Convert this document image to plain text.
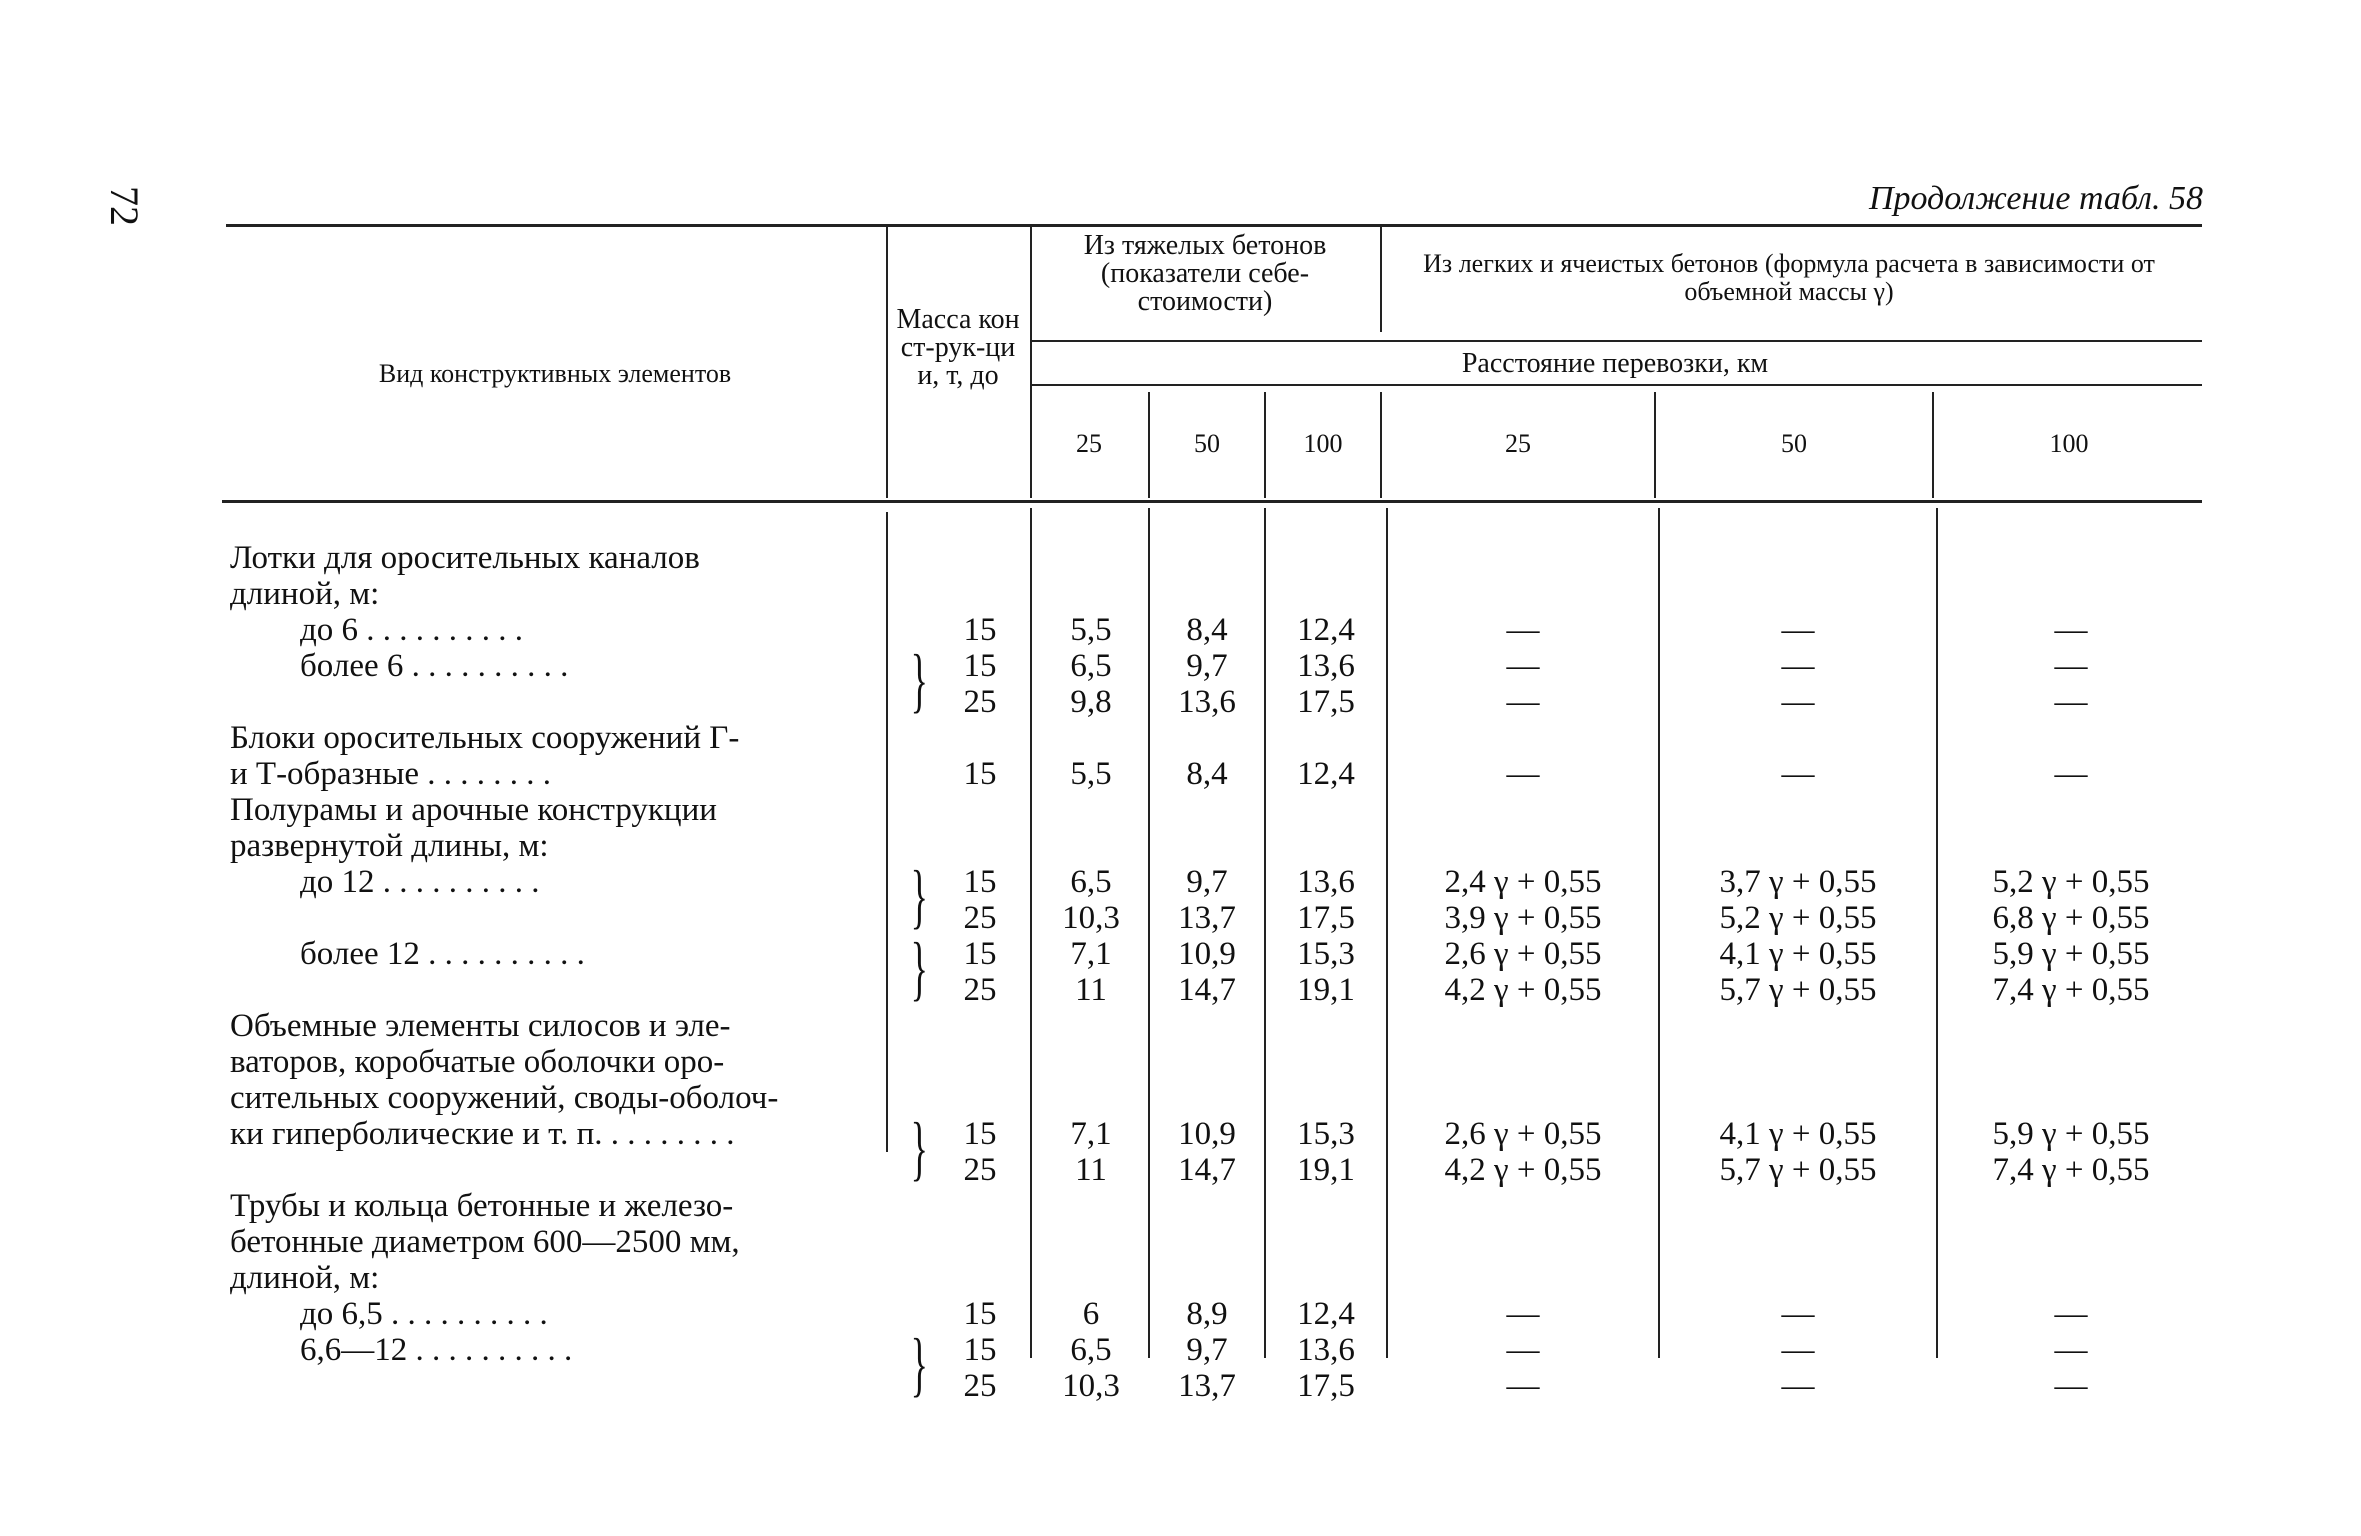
72	Продолжение табл. 58
Вид конструктивных элементов
Масса конст-рук-ции, т, до
Из тяжелых бетонов (показатели себе-стоимости)
Из легких и ячеистых бетонов (формула расчета в зависимости от объемной массы γ)
Расстояние перевозки, км
25	50	100	25	50	100
Лотки для оросительных каналов
длиной, м:
до 6 . . . . . . . . . .	15	5,5	8,4	12,4	—	—	—
более 6 . . . . . . . . . .	}	15	6,5	9,7	13,6	—	—	—
25	9,8	13,6	17,5	—	—	—
Блоки оросительных сооружений Г-
и Т-образные . . . . . . . .	15	5,5	8,4	12,4	—	—	—
Полурамы и арочные конструкции
развернутой длины, м:
до 12 . . . . . . . . . .	}	15	6,5	9,7	13,6	2,4 γ + 0,55	3,7 γ + 0,55	5,2 γ + 0,55
25	10,3	13,7	17,5	3,9 γ + 0,55	5,2 γ + 0,55	6,8 γ + 0,55
более 12 . . . . . . . . . .	}	15	7,1	10,9	15,3	2,6 γ + 0,55	4,1 γ + 0,55	5,9 γ + 0,55
25	11	14,7	19,1	4,2 γ + 0,55	5,7 γ + 0,55	7,4 γ + 0,55
Объемные элементы силосов и эле-
ваторов, коробчатые оболочки оро-
сительных сооружений, своды-оболоч-
ки гиперболические и т. п. . . . . . . . .	}	15	7,1	10,9	15,3	2,6 γ + 0,55	4,1 γ + 0,55	5,9 γ + 0,55
25	11	14,7	19,1	4,2 γ + 0,55	5,7 γ + 0,55	7,4 γ + 0,55
Трубы и кольца бетонные и железо-
бетонные диаметром 600—2500 мм,
длиной, м:
до 6,5 . . . . . . . . . .	15	6	8,9	12,4	—	—	—
6,6—12 . . . . . . . . . .	}	15	6,5	9,7	13,6	—	—	—
25	10,3	13,7	17,5	—	—	—
